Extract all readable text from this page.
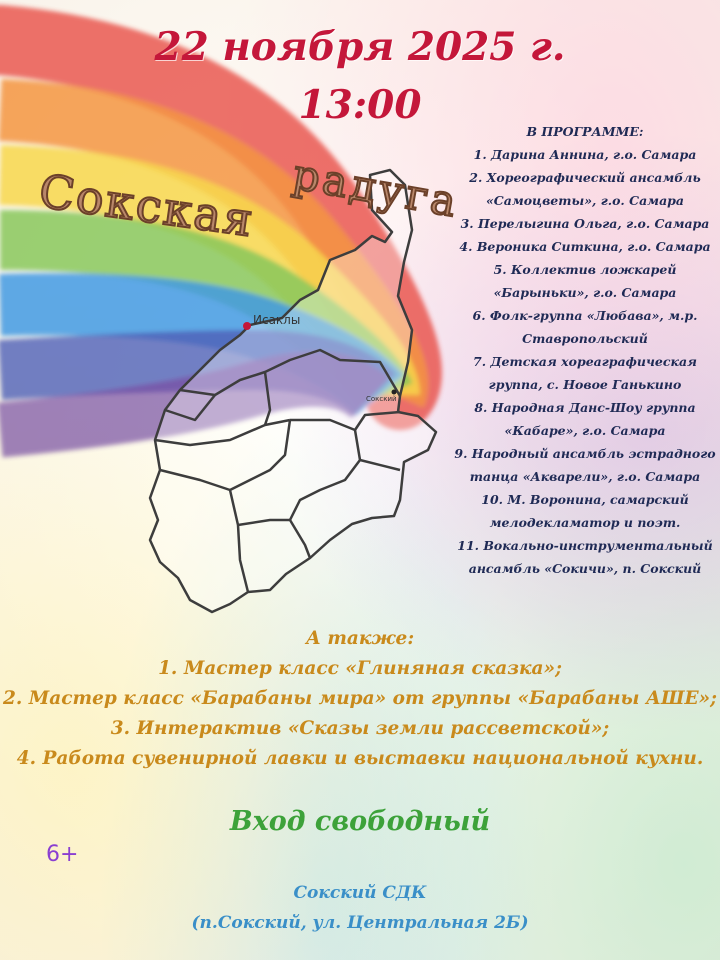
Исаклы
Сокский
Сокская радуга
22 ноября 2025 г.
13:00
В ПРОГРАММЕ:
1. Дарина Аннина, г.о. Самара
2. Хореографический ансамбль
«Самоцветы», г.о. Самара
3. Перелыгина Ольга, г.о. Самара
4. Вероника Ситкина, г.о. Самара
5. Коллектив ложкарей
«Барыньки», г.о. Самара
6. Фолк-группа «Любава», м.р.
Ставропольский
7. Детская хореаграфическая
группа, с. Новое Ганькино
8. Народная Данс-Шоу группа
«Кабаре», г.о. Самара
9. Народный ансамбль эстрадного
танца «Акварели», г.о. Самара
10. М. Воронина, самарский
мелодекламатор и поэт.
11. Вокально-инструментальный
ансамбль «Сокичи», п. Сокский
А также:
1. Мастер класс «Глиняная сказка»;
2. Мастер класс «Барабаны мира» от группы «Барабаны АШЕ»;
3. Интерактив «Сказы земли рассветской»;
4. Работа сувенирной лавки и выставки национальной кухни.
Вход свободный
6+
Сокский СДК
(п.Сокский, ул. Центральная 2Б)
